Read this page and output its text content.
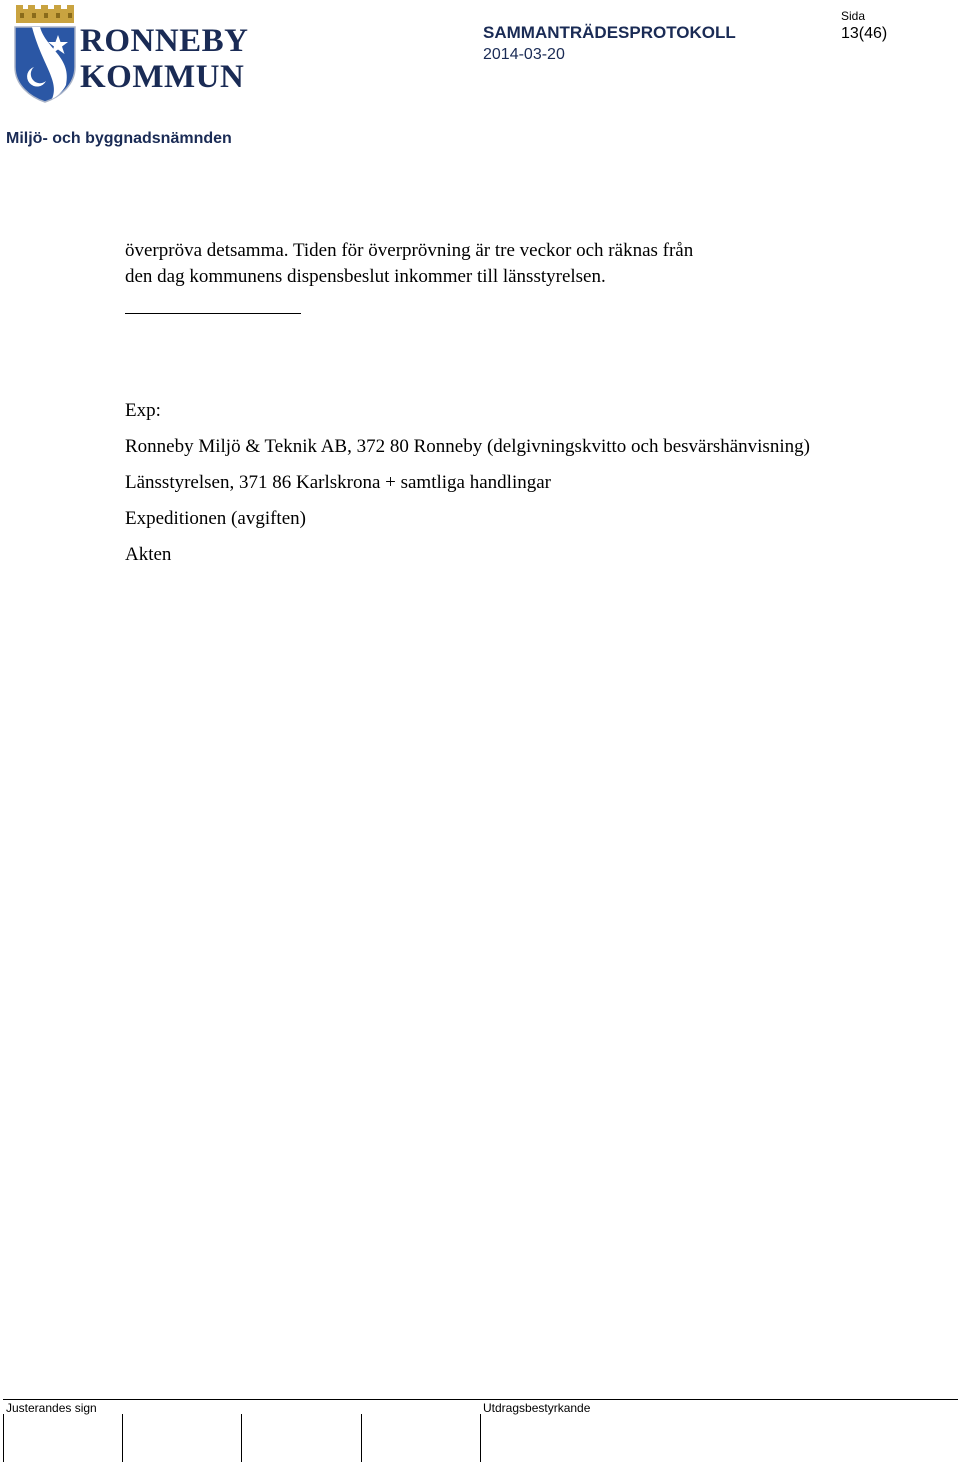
RONNEBY
KOMMUN
SAMMANTRÄDESPROTOKOLL
2014-03-20
Sida
13(46)
Miljö- och byggnadsnämnden

överpröva detsamma. Tiden för överprövning är tre veckor och räknas från

den dag kommunens dispensbeslut inkommer till länsstyrelsen.

Exp:

Ronneby Miljö & Teknik AB, 372 80 Ronneby (delgivningskvitto och besvärshänvisning)

Länsstyrelsen, 371 86 Karlskrona + samtliga handlingar

Expeditionen (avgiften)

Akten

Justerandes sign	Utdragsbestyrkande
